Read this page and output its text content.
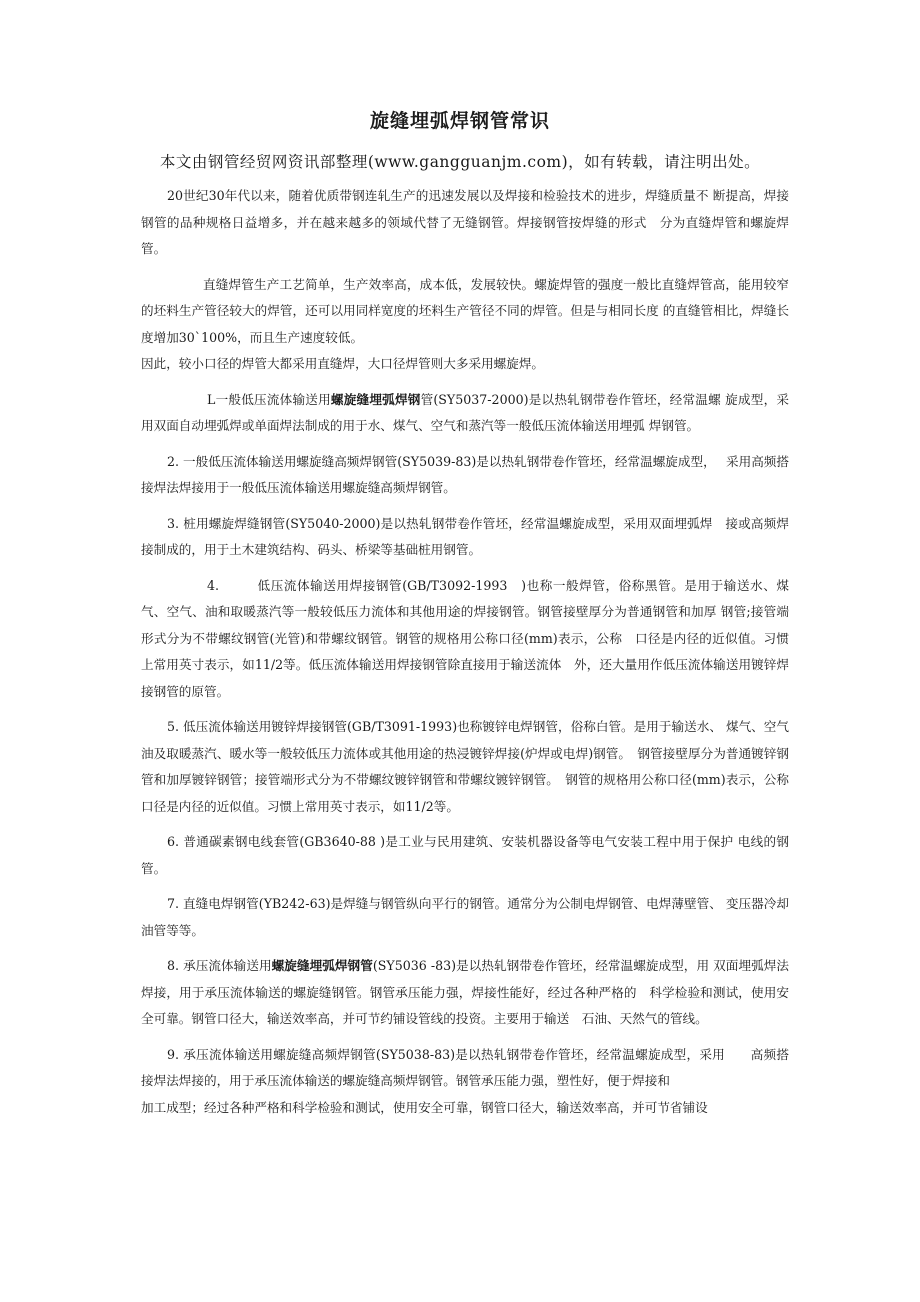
旋缝埋弧焊钢管常识
本文由钢管经贸网资讯部整理(www.gangguanjm.com)，如有转载，请注明出处。

20世纪30年代以来，随着优质带钢连轧生产的迅速发展以及焊接和检验技术的进步，焊缝质量不 断提高，焊接钢管的品种规格日益增多，并在越来越多的领域代替了无缝钢管。焊接钢管按焊缝的形式　分为直缝焊管和螺旋焊管。

直缝焊管生产工艺简单，生产效率高，成本低，发展较快。螺旋焊管的强度一般比直缝焊管高，能用较窄的坯料生产管径较大的焊管，还可以用同样宽度的坯料生产管径不同的焊管。但是与相同长度 的直缝管相比，焊缝长度增加30`100%，而且生产速度较低。

因此，较小口径的焊管大都采用直缝焊，大口径焊管则大多采用螺旋焊。

L一般低压流体输送用螺旋缝埋弧焊钢管(SY5037-2000)是以热轧钢带卷作管坯，经常温螺 旋成型，采用双面自动埋弧焊或单面焊法制成的用于水、煤气、空气和蒸汽等一般低压流体输送用埋弧 焊钢管。

2. 一般低压流体输送用螺旋缝高频焊钢管(SY5039-83)是以热轧钢带卷作管坯，经常温螺旋成型，　 采用高频搭接焊法焊接用于一般低压流体输送用螺旋缝高频焊钢管。

3. 桩用螺旋焊缝钢管(SY5040-2000)是以热轧钢带卷作管坯，经常温螺旋成型，采用双面埋弧焊　接或高频焊接制成的，用于土木建筑结构、码头、桥梁等基础桩用钢管。

4.	低压流体输送用焊接钢管(GB/T3092-1993　)也称一般焊管，俗称黑管。是用于输送水、煤气、空气、油和取暖蒸汽等一般较低压力流体和其他用途的焊接钢管。钢管接壁厚分为普通钢管和加厚 钢管;接管端形式分为不带螺纹钢管(光管)和带螺纹钢管。钢管的规格用公称口径(mm)表示，公称　口径是内径的近似值。习惯上常用英寸表示，如11/2等。低压流体输送用焊接钢管除直接用于输送流体　外，还大量用作低压流体输送用镀锌焊接钢管的原管。

5. 低压流体输送用镀锌焊接钢管(GB/T3091-1993)也称镀锌电焊钢管，俗称白管。是用于输送水、 煤气、空气油及取暖蒸汽、暖水等一般较低压力流体或其他用途的热浸镀锌焊接(炉焊或电焊)钢管。　钢管接壁厚分为普通镀锌钢管和加厚镀锌钢管；接管端形式分为不带螺纹镀锌钢管和带螺纹镀锌钢管。　钢管的规格用公称口径(mm)表示，公称口径是内径的近似值。习惯上常用英寸表示，如11/2等。

6. 普通碳素钢电线套管(GB3640-88 )是工业与民用建筑、安装机器设备等电气安装工程中用于保护 电线的钢管。

7. 直缝电焊钢管(YB242-63)是焊缝与钢管纵向平行的钢管。通常分为公制电焊钢管、电焊薄壁管、 变压器冷却油管等等。

8. 承压流体输送用螺旋缝埋弧焊钢管(SY5036 -83)是以热轧钢带卷作管坯，经常温螺旋成型，用 双面埋弧焊法焊接，用于承压流体输送的螺旋缝钢管。钢管承压能力强，焊接性能好，经过各种严格的　科学检验和测试，使用安全可靠。钢管口径大，输送效率高，并可节约铺设管线的投资。主要用于输送　石油、天然气的管线。

9. 承压流体输送用螺旋缝高频焊钢管(SY5038-83)是以热轧钢带卷作管坯，经常温螺旋成型，采用　　高频搭接焊法焊接的，用于承压流体输送的螺旋缝高频焊钢管。钢管承压能力强，塑性好，便于焊接和

加工成型；经过各种严格和科学检验和测试，使用安全可靠，钢管口径大，输送效率高，并可节省铺设
